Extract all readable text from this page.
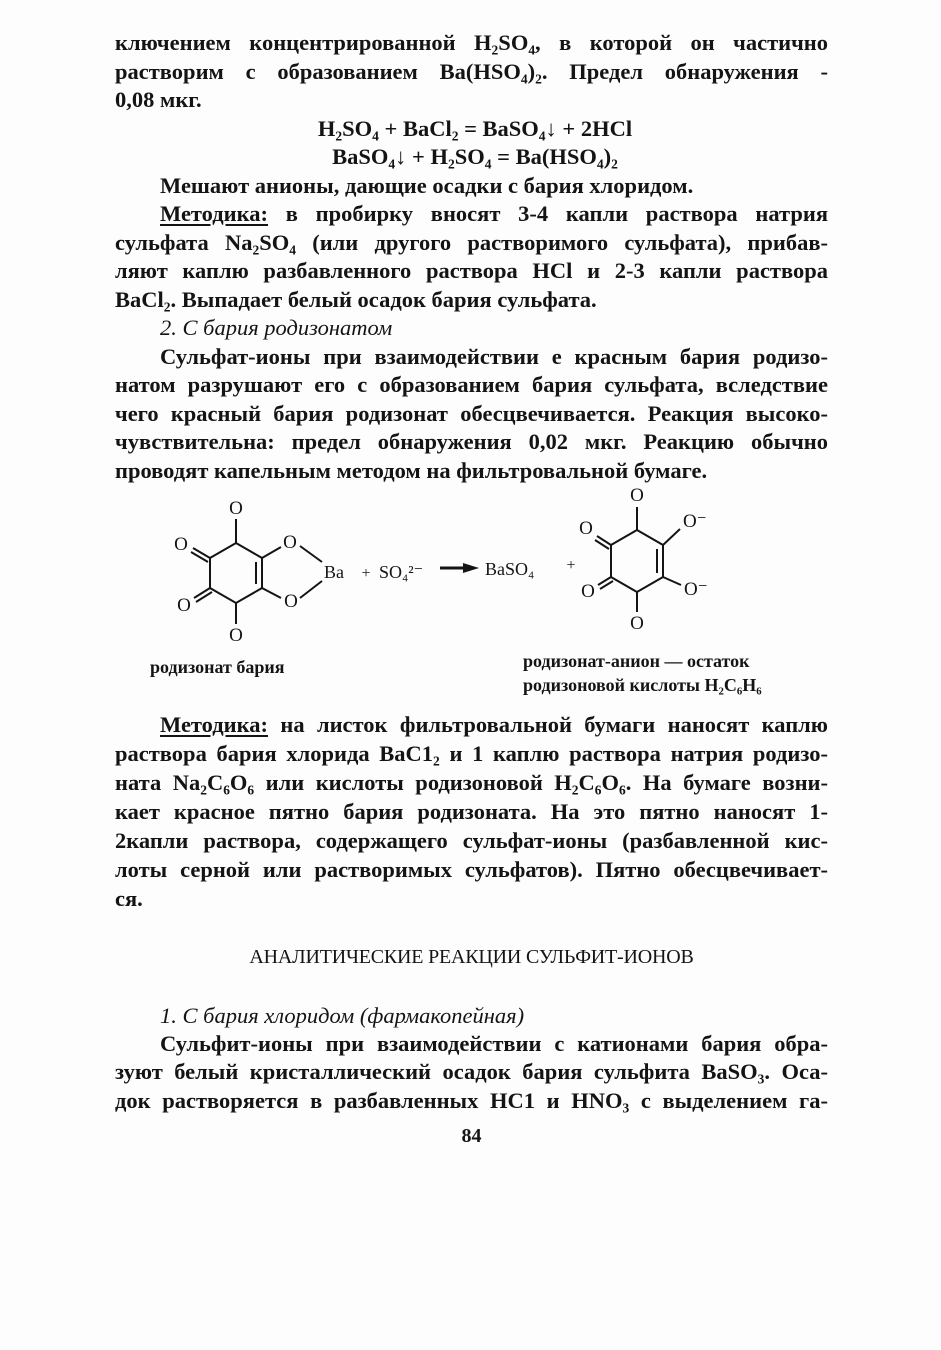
ключением концентрированной H₂SO₄, в которой он частично
растворим с образованием Ba(HSO₄)₂. Предел обнаружения -
0,08 мкг.
H₂SO₄ + BaCl₂ = BaSO₄↓ + 2HCl
BaSO₄↓ + H₂SO₄ = Ba(HSO₄)₂
Мешают анионы, дающие осадки с бария хлоридом.
Методика: в пробирку вносят 3-4 капли раствора натрия
сульфата Na₂SO₄ (или другого растворимого сульфата), прибав-
ляют каплю разбавленного раствора HCl и 2-3 капли раствора
BaCl₂. Выпадает белый осадок бария сульфата.
2. С бария родизонатом
Сульфат-ионы при взаимодействии е красным бария родизо-
натом разрушают его с образованием бария сульфата, вследствие
чего красный бария родизонат обесцвечивается. Реакция высоко-
чувствительна: предел обнаружения 0,02 мкг. Реакцию обычно
проводят капельным методом на фильтровальной бумаге.
O
O
O
O
O
O
Ba + SO₄²⁻	BaSO₄ +
O
O
O
O
O⁻
O⁻
родизонат бария	родизонат-анион — остаток
родизоновой кислоты H₂C₆H₆
Методика: на листок фильтровальной бумаги наносят каплю
раствора бария хлорида BaC1₂ и 1 каплю раствора натрия родизо-
ната Na₂C₆O₆ или кислоты родизоновой H₂C₆O₆. На бумаге возни-
кает красное пятно бария родизоната. На это пятно наносят 1-
2капли раствора, содержащего сульфат-ионы (разбавленной кис-
лоты серной или растворимых сульфатов). Пятно обесцвечивает-
ся.
АНАЛИТИЧЕСКИЕ РЕАКЦИИ СУЛЬФИТ-ИОНОВ
1. С бария хлоридом (фармакопейная)
Сульфит-ионы при взаимодействии с катионами бария обра-
зуют белый кристаллический осадок бария сульфита BaSO₃. Оса-
док растворяется в разбавленных HC1 и HNO₃ с выделением га-
84
